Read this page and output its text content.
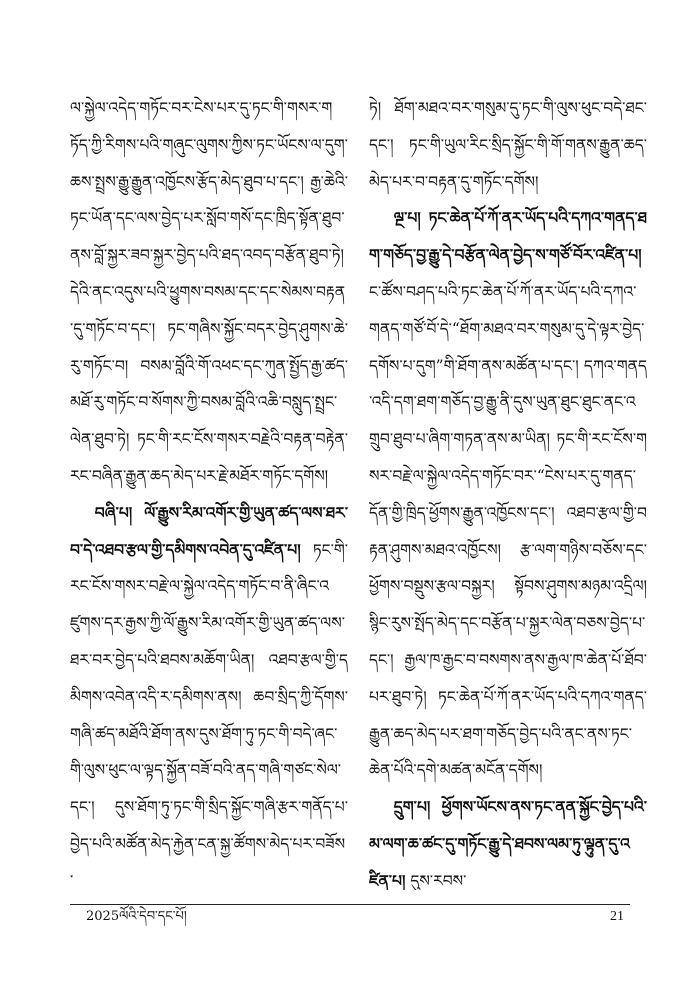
ལ་སྐྱེལ་འདེད་གཏོང་བར་ངེས་པར་དུ་ཏང་གི་གསར་གཏོད་ཀྱི་རིགས་པའི་གཞུང་ལུགས་ཀྱིས་ཏང་ཡོངས་ལ་དུག་ཆས་སྤྲས་རྒྱུ་རྒྱུན་འཁྱོངས་རྩོད་མེད་ཐུབ་པ་དང་། རྒྱ་ཆེའི་ཏང་ཡོན་དང་ལས་བྱེད་པར་སློབ་གསོ་དང་ཁྲིད་སྟོན་ཐུབ་ནས་བློ་སྐྱར་ཟབ་སྐྱར་བྱེད་པའི་ཐད་འབད་བརྩོན་ཐུབ་ཏེ། དེའི་ནང་འདུས་པའི་ཕྱུགས་བསམ་དང་དང་སེམས་བརྟན་དུ་གཏོང་བ་དང་། ཏང་གཞིས་སྐྱོང་བདར་བྱེད་ཤུགས་ཆེ་རུ་གཏོང་བ། བསམ་བློའི་གོ་འཕང་དང་ཀུན་སྤྱོད་རྒྱ་ཚད་མཐོ་རུ་གཏོང་བ་སོགས་ཀྱི་བསམ་བློའི་འཆི་བསླུད་སྤྲང་ལེན་ཐུབ་ཏེ། ཏང་གི་རང་ངོས་གསར་བརྗེའི་བརྟན་བརྟེན་རང་བཞིན་རྒྱུན་ཆད་མེད་པར་རྗེ་མཐོར་གཏོང་དགོས།

བཞི་པ། ལོ་རྒྱུས་རིམ་འགོར་གྱི་ཡུན་ཚད་ལས་ཐར་བ་དེ་འཐབ་རྩལ་གྱི་དམིགས་འབེན་དུ་འཛིན་པ། ཏང་གི་རང་ངོས་གསར་བརྗེ་ལ་སྐྱེལ་འདེད་གཏོང་བ་ནི་ཞིང་འཛུགས་དར་རྒྱས་ཀྱི་ལོ་རྒྱུས་རིམ་འགོར་གྱི་ཡུན་ཚད་ལས་ཐར་བར་བྱེད་པའི་ཐབས་མཆོག་ཡིན། འཐབ་རྩལ་གྱི་དམིགས་འབེན་འདི་ར་དམིགས་ནས། ཆབ་སྲིད་ཀྱི་དོགས་གཞི་ཚད་མཐོའི་ཐོག་ནས་དུས་ཐོག་ཏུ་ཏང་གི་བདེ་ཞང་གི་ལུས་ཕུང་ལ་ལྟད་སྐྱོན་བཟོ་བའི་ནད་གཞི་གཙང་སེལ་དང་། དུས་ཐོག་ཏུ་ཏང་གི་སྲིད་སྐྱོང་གཞི་རྩར་གནོད་པ་བྱེད་པའི་མཚོན་མེད་རྐྱེན་ངན་སྐྱ་ཚོགས་མེད་པར་བཟོས་

ཏེ། ཐོག་མཐའ་བར་གསུམ་དུ་ཏང་གི་ལུས་ཕུང་བདེ་ཐང་དང་། ཏང་གི་ཡུལ་རིང་སྲིད་སྐྱོང་གི་གོ་གནས་རྒྱུན་ཆད་མེད་པར་བ་བརྟན་དུ་གཏོང་དགོས།

ལྔ་པ། ཏང་ཆེན་པོ་ཀོ་ནར་ཡོད་པའི་དཀའ་གནད་ཐག་གཅོད་བྱ་རྒྱུ་དེ་བརྩོན་ལེན་བྱེད་ས་གཙོ་བོར་འཛིན་པ། ང་ཚོས་བཤད་པའི་ཏང་ཆེན་པོ་ཀོ་ནར་ཡོད་པའི་དཀའ་གནད་གཙོ་བོ་དེ་“ཐོག་མཐའ་བར་གསུམ་དུ་དེ་ལྟར་བྱེད་དགོས་པ་དུག”གི་ཐོག་ནས་མཚོན་པ་དང་། དཀའ་གནད་འདི་དག་ཐག་གཅོད་བྱ་རྒྱུ་ནི་དུས་ཡུན་ཐུང་ཐུང་ནང་འགྲུབ་ཐུབ་པ་ཞིག་གཏན་ནས་མ་ཡིན། ཏང་གི་རང་ངོས་གསར་བརྗེ་ལ་སྐྱེལ་འདེད་གཏོང་བར་“ངེས་པར་དུ་གནད་དོན་གྱི་ཁྲིད་ཕྱོགས་རྒྱུན་འཁྱོངས་དང་། འཐབ་རྩལ་གྱི་བརྟན་ཤུགས་མཐའ་འཁྱོངས། རྩ་ལག་གཉིས་བཅོས་དང་ཕྱོགས་བསྡུས་རྩལ་བསྐྱར། སྟོབས་ཤུགས་མཉམ་འདྲིལ། སྙིང་རུས་སྤོད་མེད་དང་བརྩོན་པ་སྐྱར་ལེན་བཅས་བྱེད་པ་དང་། རྒྱལ་ཁ་རྒྱང་བ་བསགས་ནས་རྒྱལ་ཁ་ཆེན་པོ་ཐོབ་པར་ཐུབ་ཏེ། ཏང་ཆེན་པོ་ཀོ་ནར་ཡོད་པའི་དཀའ་གནད་རྒྱུན་ཆད་མེད་པར་ཐག་གཅོད་བྱེད་པའི་ནང་ནས་ཏང་ཆེན་པོའི་དགེ་མཚན་མངོན་དགོས།

དྲུག་པ། ཕྱོགས་ཡོངས་ནས་ཏང་ནན་སྐྱོང་བྱེད་པའི་མ་ལག་ཆ་ཚང་དུ་གཏོང་རྒྱུ་དེ་ཐབས་ལམ་ཏུ་ལྟུན་དུ་འཛིན་པ། དུས་རབས་

2025ལོའི་དེབ་དང་པོ།	21
